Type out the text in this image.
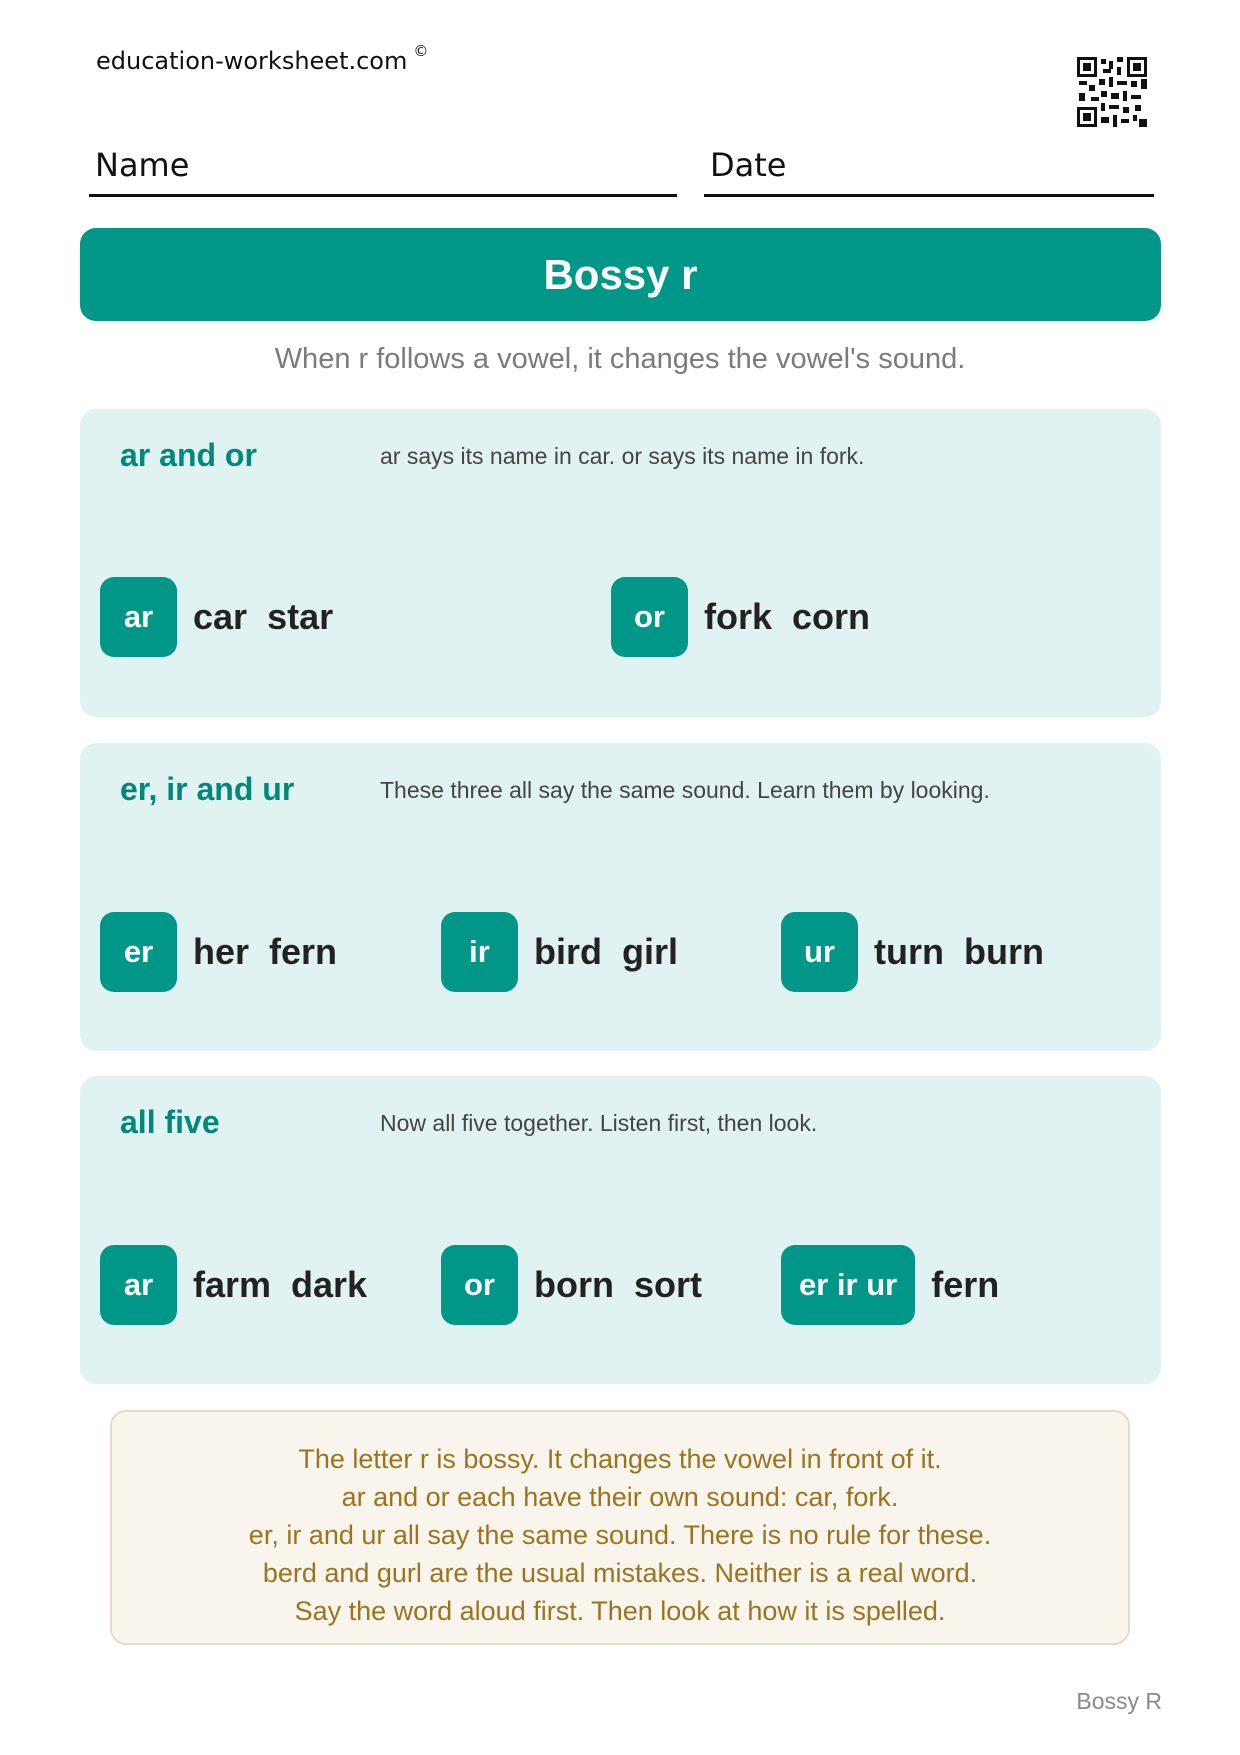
education-worksheet.com ©
Name	Date
Bossy r
When r follows a vowel, it changes the vowel's sound.
ar and or	ar says its name in car. or says its name in fork.
ar	car star	or	fork corn
er, ir and ur	These three all say the same sound. Learn them by looking.
er	her fern	ir	bird girl	ur	turn burn
all five	Now all five together. Listen first, then look.
ar	farm dark	or	born sort	er ir ur fern
The letter r is bossy. It changes the vowel in front of it.
ar and or each have their own sound: car, fork.
er, ir and ur all say the same sound. There is no rule for these.
berd and gurl are the usual mistakes. Neither is a real word.
Say the word aloud first. Then look at how it is spelled.
Bossy R
